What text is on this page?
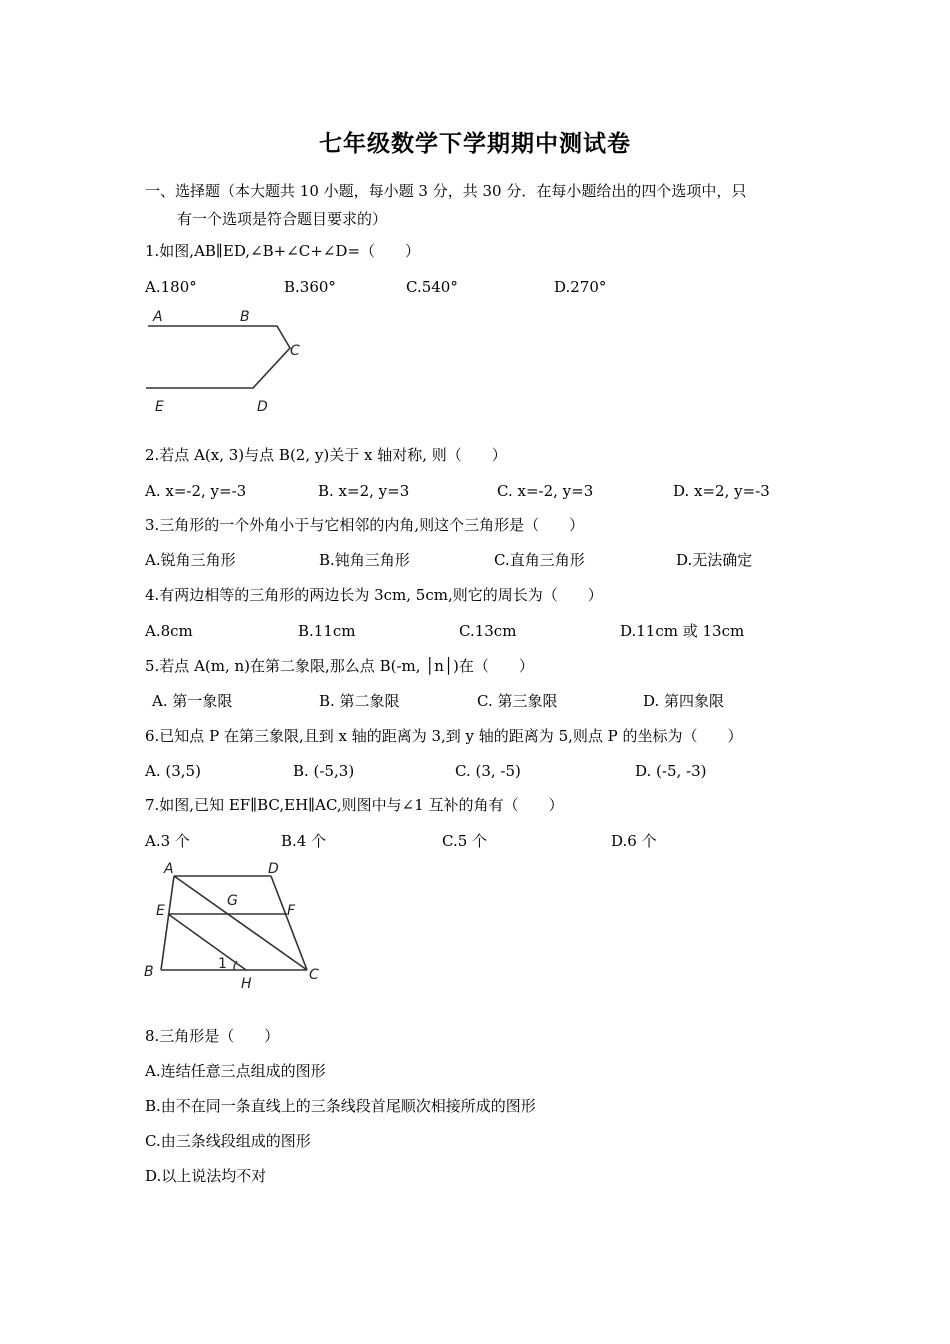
七年级数学下学期期中测试卷
一、选择题（本大题共 10 小题，每小题 3 分，共 30 分．在每小题给出的四个选项中，只
有一个选项是符合题目要求的）
1.如图,AB∥ED,∠B+∠C+∠D=（　　）
A.180°	B.360°	C.540°	D.270°
A	B
C
E	D
2.若点 A(x, 3)与点 B(2, y)关于 x 轴对称, 则（　　）
A. x=-2, y=-3	B. x=2, y=3	C. x=-2, y=3	D. x=2, y=-3
3.三角形的一个外角小于与它相邻的内角,则这个三角形是（　　）
A.锐角三角形	B.钝角三角形	C.直角三角形	D.无法确定
4.有两边相等的三角形的两边长为 3cm, 5cm,则它的周长为（　　）
A.8cm	B.11cm	C.13cm	D.11cm 或 13cm
5.若点 A(m, n)在第二象限,那么点 B(-m, │n│)在（　　）
A. 第一象限	B. 第二象限	C. 第三象限	D. 第四象限
6.已知点 P 在第三象限,且到 x 轴的距离为 3,到 y 轴的距离为 5,则点 P 的坐标为（　　）
A. (3,5)	B. (-5,3)	C. (3, -5)	D. (-5, -3)
7.如图,已知 EF∥BC,EH∥AC,则图中与∠1 互补的角有（　　）
A.3 个	B.4 个	C.5 个	D.6 个
A	D
E
G
F
B	1
H
C
8.三角形是（　　）
A.连结任意三点组成的图形
B.由不在同一条直线上的三条线段首尾顺次相接所成的图形
C.由三条线段组成的图形
D.以上说法均不对
